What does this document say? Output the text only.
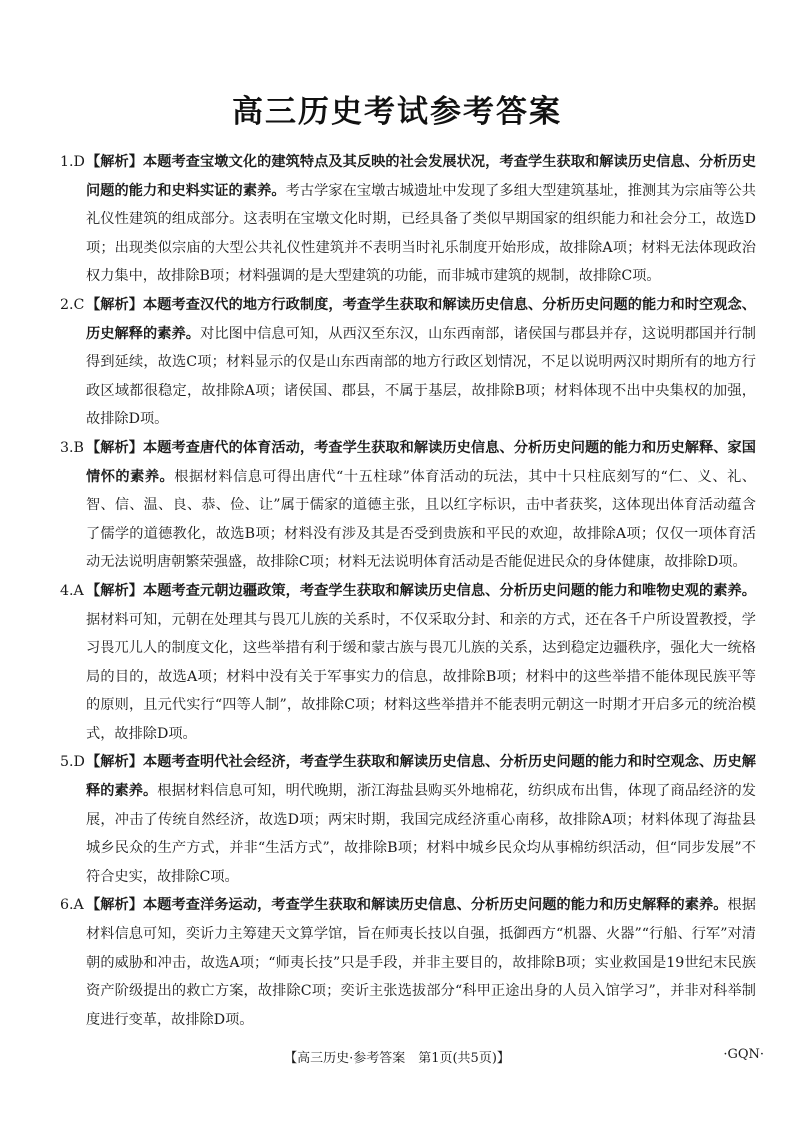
高三历史考试参考答案
1.D 【解析】本题考查宝墩文化的建筑特点及其反映的社会发展状况，考查学生获取和解读历史信息、分析历史问题的能力和史料实证的素养。考古学家在宝墩古城遗址中发现了多组大型建筑基址，推测其为宗庙等公共礼仪性建筑的组成部分。这表明在宝墩文化时期，已经具备了类似早期国家的组织能力和社会分工，故选D项；出现类似宗庙的大型公共礼仪性建筑并不表明当时礼乐制度开始形成，故排除A项；材料无法体现政治权力集中，故排除B项；材料强调的是大型建筑的功能，而非城市建筑的规制，故排除C项。
2.C 【解析】本题考查汉代的地方行政制度，考查学生获取和解读历史信息、分析历史问题的能力和时空观念、历史解释的素养。对比图中信息可知，从西汉至东汉，山东西南部，诸侯国与郡县并存，这说明郡国并行制得到延续，故选C项；材料显示的仅是山东西南部的地方行政区划情况，不足以说明两汉时期所有的地方行政区域都很稳定，故排除A项；诸侯国、郡县，不属于基层，故排除B项；材料体现不出中央集权的加强，故排除D项。
3.B 【解析】本题考查唐代的体育活动，考查学生获取和解读历史信息、分析历史问题的能力和历史解释、家国情怀的素养。根据材料信息可得出唐代“十五柱球”体育活动的玩法，其中十只柱底刻写的“仁、义、礼、智、信、温、良、恭、俭、让”属于儒家的道德主张，且以红字标识，击中者获奖，这体现出体育活动蕴含了儒学的道德教化，故选B项；材料没有涉及其是否受到贵族和平民的欢迎，故排除A项；仅仅一项体育活动无法说明唐朝繁荣强盛，故排除C项；材料无法说明体育活动是否能促进民众的身体健康，故排除D项。
4.A 【解析】本题考查元朝边疆政策，考查学生获取和解读历史信息、分析历史问题的能力和唯物史观的素养。据材料可知，元朝在处理其与畏兀儿族的关系时，不仅采取分封、和亲的方式，还在各千户所设置教授，学习畏兀儿人的制度文化，这些举措有利于缓和蒙古族与畏兀儿族的关系，达到稳定边疆秩序，强化大一统格局的目的，故选A项；材料中没有关于军事实力的信息，故排除B项；材料中的这些举措不能体现民族平等的原则，且元代实行“四等人制”，故排除C项；材料这些举措并不能表明元朝这一时期才开启多元的统治模式，故排除D项。
5.D 【解析】本题考查明代社会经济，考查学生获取和解读历史信息、分析历史问题的能力和时空观念、历史解释的素养。根据材料信息可知，明代晚期，浙江海盐县购买外地棉花，纺织成布出售，体现了商品经济的发展，冲击了传统自然经济，故选D项；两宋时期，我国完成经济重心南移，故排除A项；材料体现了海盐县城乡民众的生产方式，并非“生活方式”，故排除B项；材料中城乡民众均从事棉纺织活动，但“同步发展”不符合史实，故排除C项。
6.A 【解析】本题考查洋务运动，考查学生获取和解读历史信息、分析历史问题的能力和历史解释的素养。根据材料信息可知，奕䜣力主筹建天文算学馆，旨在师夷长技以自强，抵御西方“机器、火器”“行船、行军”对清朝的威胁和冲击，故选A项；“师夷长技”只是手段，并非主要目的，故排除B项；实业救国是19世纪末民族资产阶级提出的救亡方案，故排除C项；奕䜣主张选拔部分“科甲正途出身的人员入馆学习”，并非对科举制度进行变革，故排除D项。
【高三历史·参考答案　第1页(共5页)】	·GQN·
